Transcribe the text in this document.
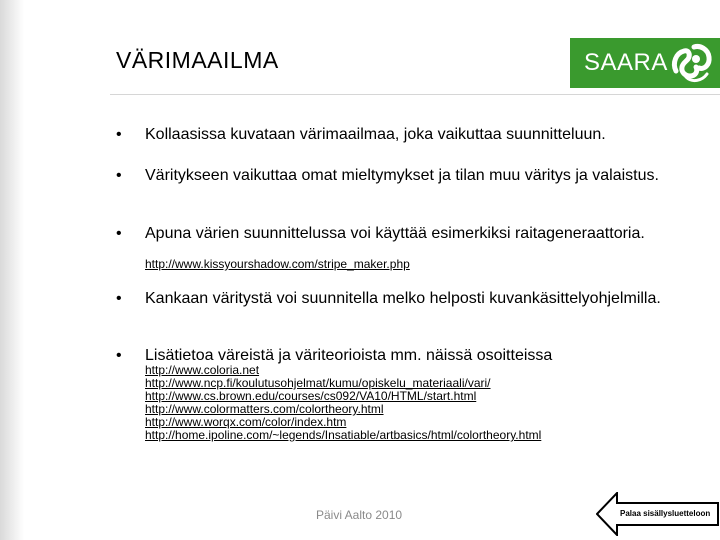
VÄRIMAAILMA	SAARA
• Kollaasissa kuvataan värimaailmaa, joka vaikuttaa suunnitteluun.
• Väritykseen vaikuttaa omat mieltymykset ja tilan muu väritys ja valaistus.
• Apuna värien suunnittelussa voi käyttää esimerkiksi raitageneraattoria.
http://www.kissyourshadow.com/stripe_maker.php
• Kankaan väritystä voi suunnitella melko helposti kuvankäsittelyohjelmilla.
• Lisätietoa väreistä ja väriteorioista mm. näissä osoitteissa
http://www.coloria.net
http://www.ncp.fi/koulutusohjelmat/kumu/opiskelu_materiaali/vari/
http://www.cs.brown.edu/courses/cs092/VA10/HTML/start.html
http://www.colormatters.com/colortheory.html
http://www.worqx.com/color/index.htm
http://home.ipoline.com/~legends/Insatiable/artbasics/html/colortheory.html
Päivi Aalto 2010	Palaa sisällysluetteloon
